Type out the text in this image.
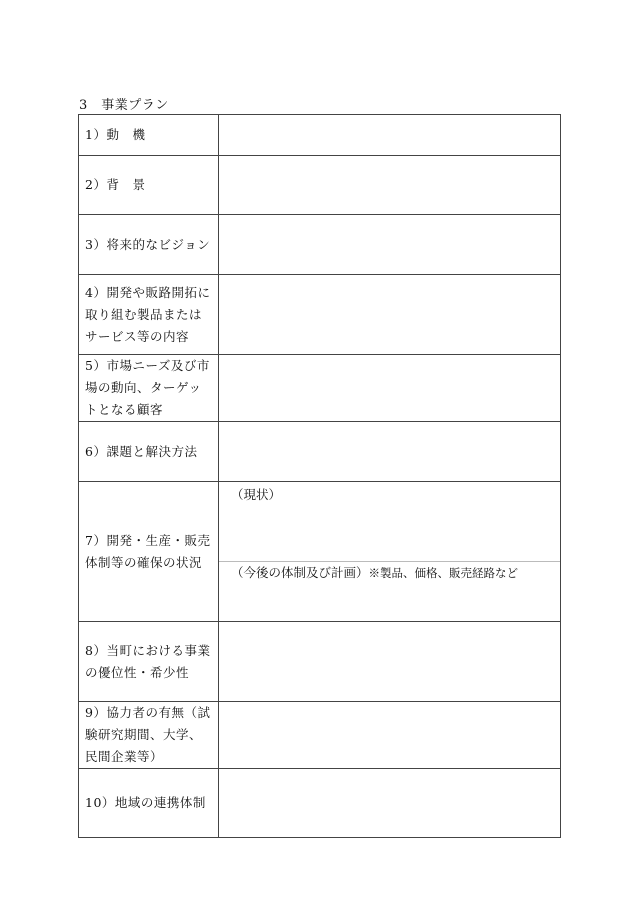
3　事業プラン
1）動　機	
2）背　景	
3）将来的なビジョン	
4）開発や販路開拓に取り組む製品またはサービス等の内容	
5）市場ニーズ及び市場の動向、ターゲットとなる顧客	
6）課題と解決方法	
7）開発・生産・販売体制等の確保の状況	（現状）
（今後の体制及び計画）※製品、価格、販売経路など

8）当町における事業の優位性・希少性	
9）協力者の有無（試験研究期間、大学、民間企業等）	
10）地域の連携体制	
